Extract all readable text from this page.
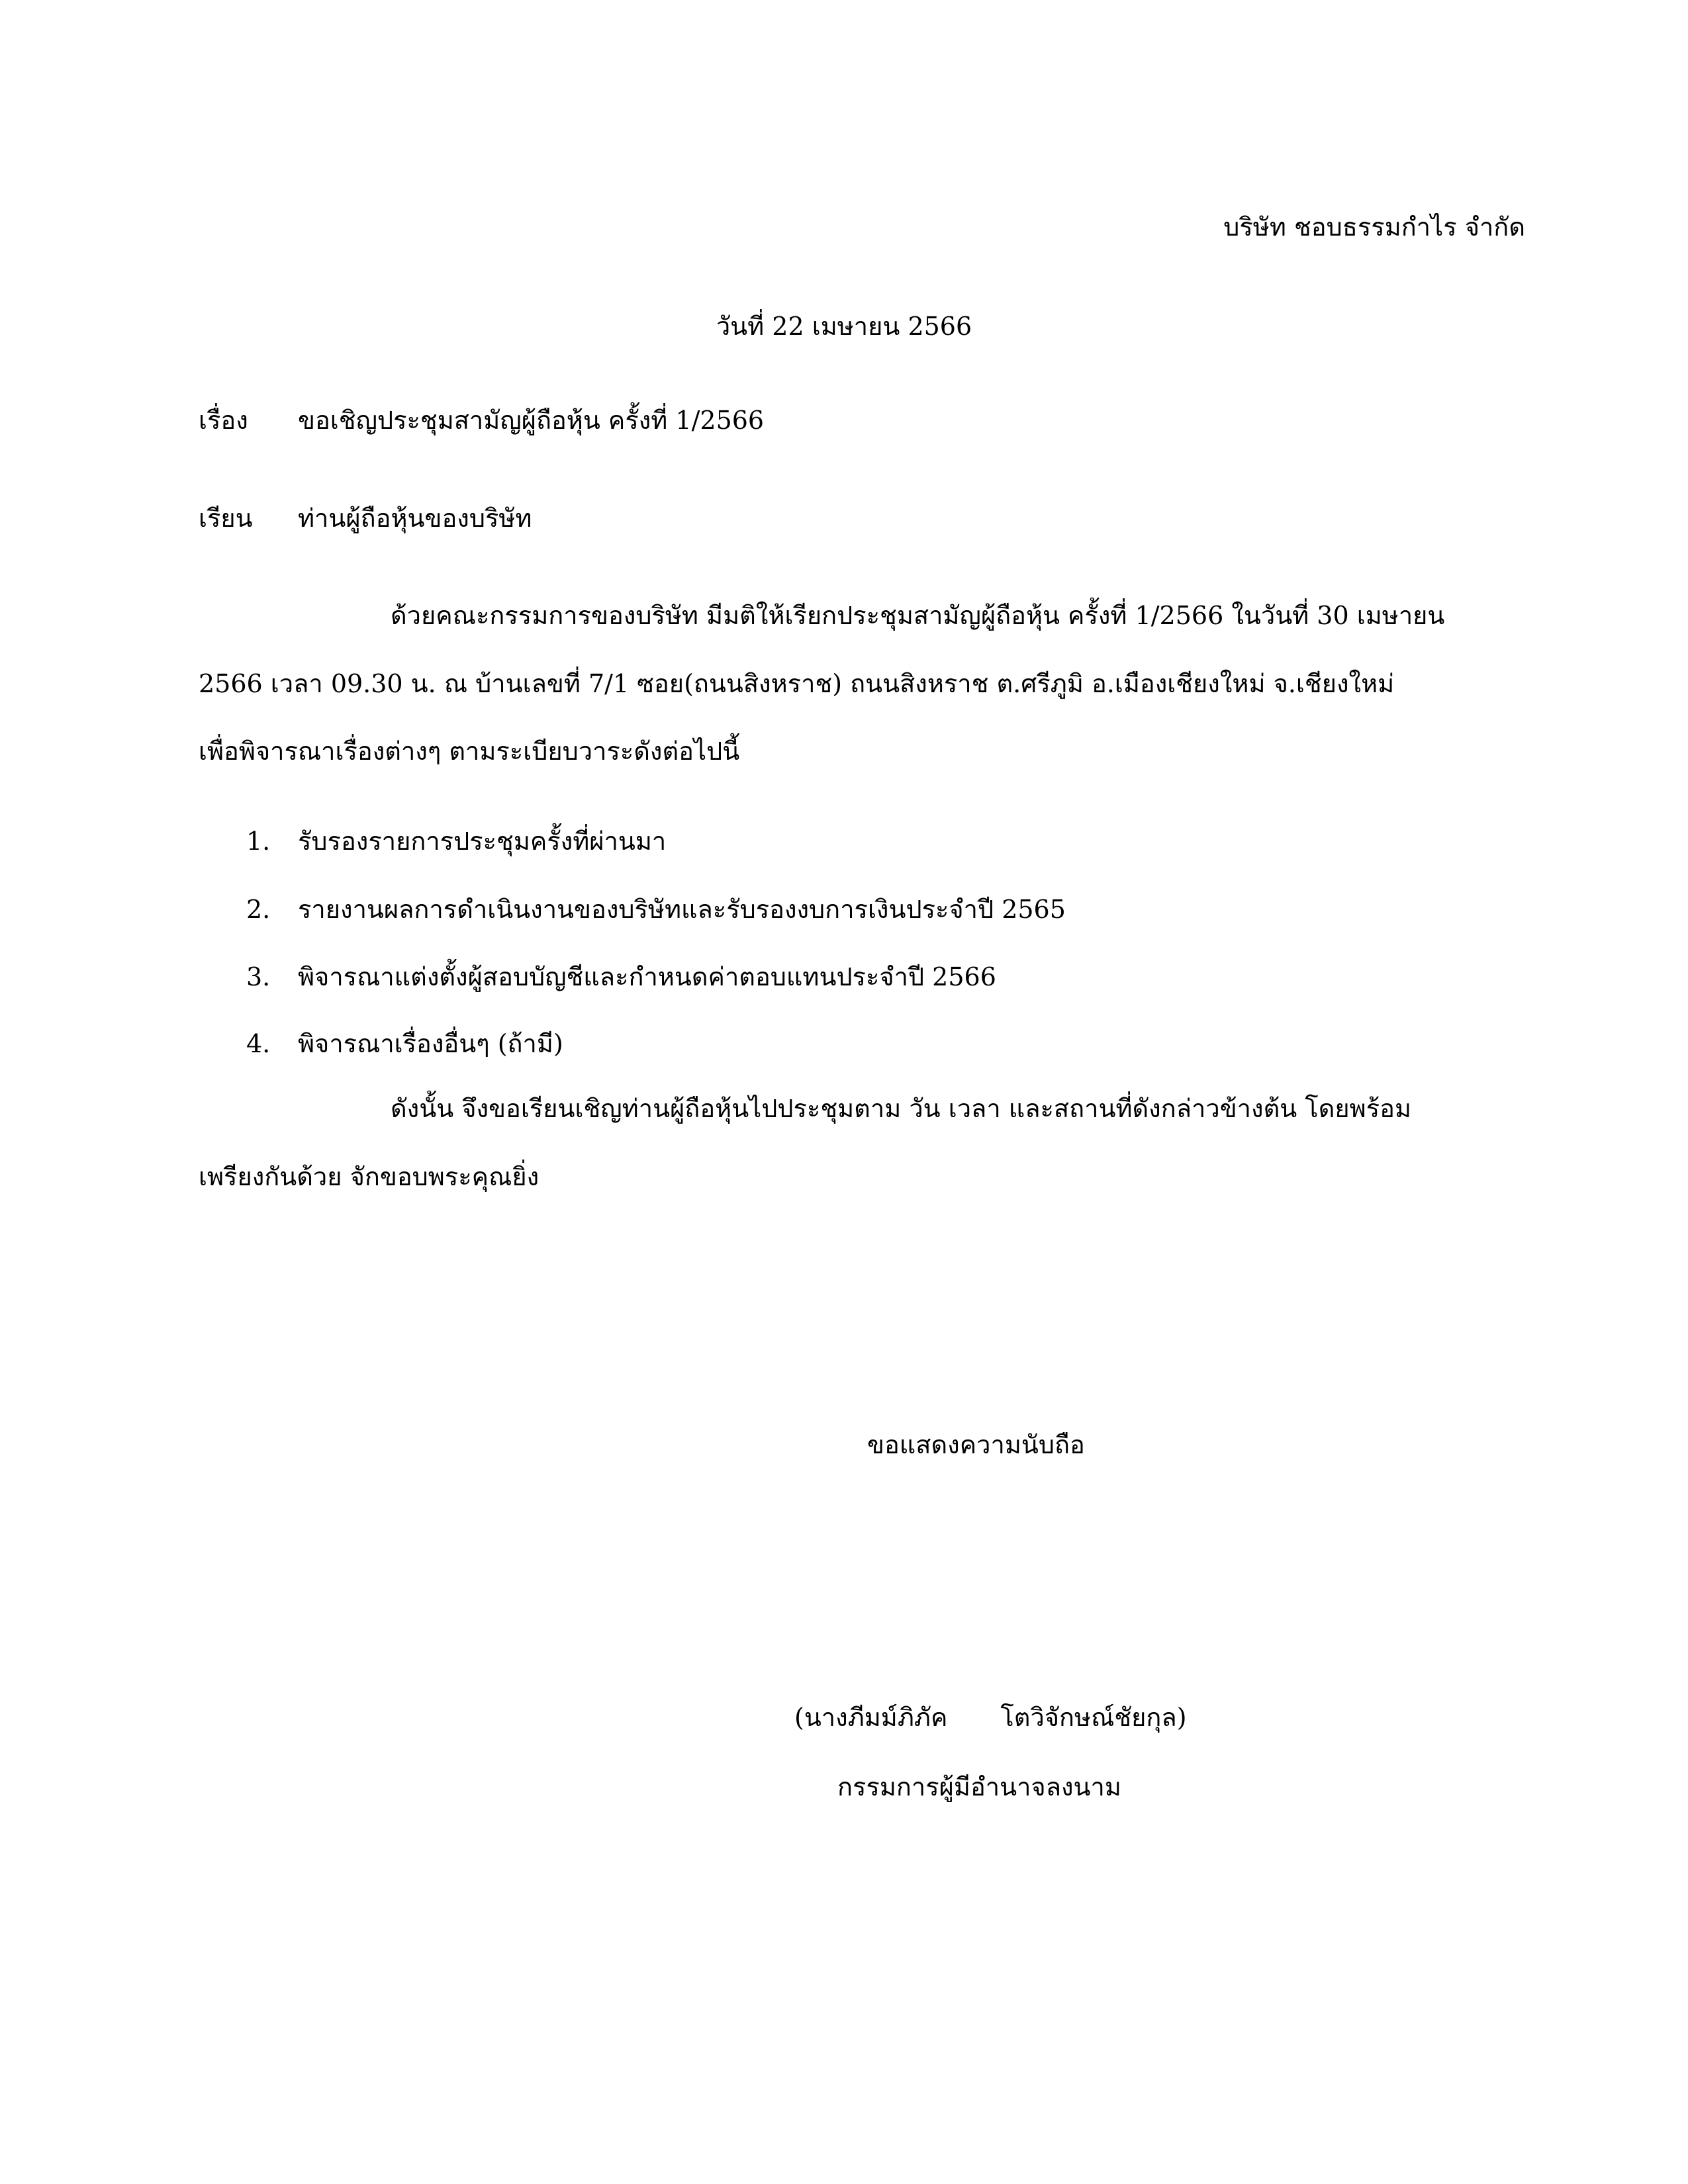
บริษัท ชอบธรรมกำไร จำกัด
วันที่ 22 เมษายน 2566
เรื่อง	ขอเชิญประชุมสามัญผู้ถือหุ้น ครั้งที่ 1/2566
เรียน	ท่านผู้ถือหุ้นของบริษัท
ด้วยคณะกรรมการของบริษัท มีมติให้เรียกประชุมสามัญผู้ถือหุ้น ครั้งที่ 1/2566 ในวันที่ 30 เมษายน
2566 เวลา 09.30 น. ณ บ้านเลขที่ 7/1 ซอย(ถนนสิงหราช) ถนนสิงหราช ต.ศรีภูมิ อ.เมืองเชียงใหม่ จ.เชียงใหม่
เพื่อพิจารณาเรื่องต่างๆ ตามระเบียบวาระดังต่อไปนี้
1. รับรองรายการประชุมครั้งที่ผ่านมา
2. รายงานผลการดำเนินงานของบริษัทและรับรองงบการเงินประจำปี 2565
3. พิจารณาแต่งตั้งผู้สอบบัญชีและกำหนดค่าตอบแทนประจำปี 2566
4. พิจารณาเรื่องอื่นๆ (ถ้ามี)
ดังนั้น จึงขอเรียนเชิญท่านผู้ถือหุ้นไปประชุมตาม วัน เวลา และสถานที่ดังกล่าวข้างต้น โดยพร้อม
เพรียงกันด้วย จักขอบพระคุณยิ่ง
ขอแสดงความนับถือ
(นางภีมม์ภิภัค โตวิจักษณ์ชัยกุล)
กรรมการผู้มีอำนาจลงนาม
